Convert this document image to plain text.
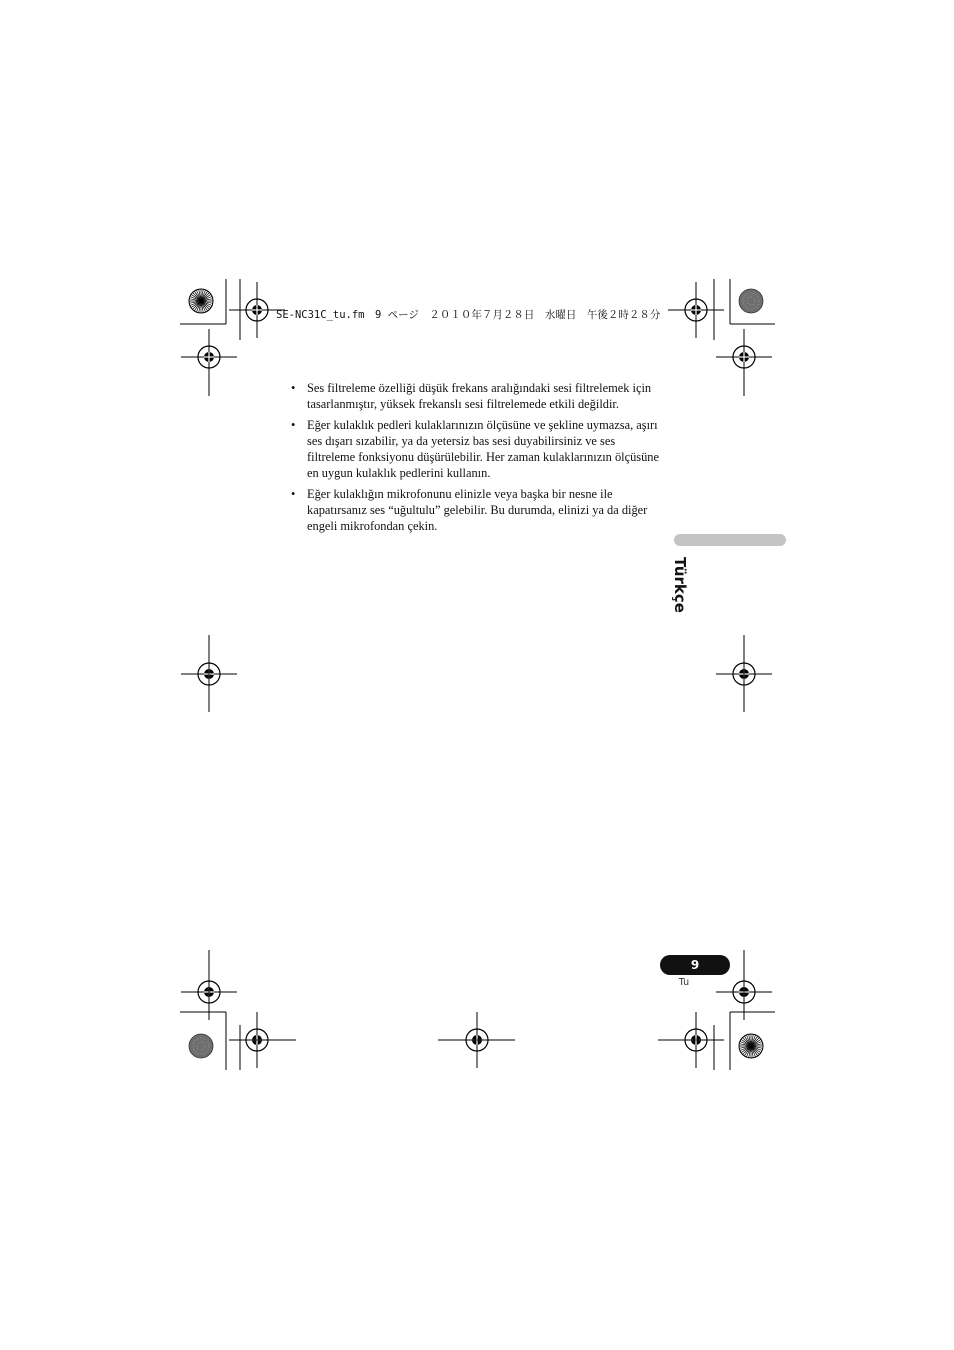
SE-NC31C_tu.fm　9 ページ　２０１０年７月２８日　水曜日　午後２時２８分
• Ses filtreleme özelliği düşük frekans aralığındaki sesi filtrelemek için tasarlanmıştır, yüksek frekanslı sesi filtrelemede etkili değildir.
• Eğer kulaklık pedleri kulaklarınızın ölçüsüne ve şekline uymazsa, aşırı ses dışarı sızabilir, ya da yetersiz bas sesi duyabilirsiniz ve ses filtreleme fonksiyonu düşürülebilir. Her zaman kulaklarınızın ölçüsüne en uygun kulaklık pedlerini kullanın.
• Eğer kulaklığın mikrofonunu elinizle veya başka bir nesne ile kapatırsanız ses “uğultulu” gelebilir. Bu durumda, elinizi ya da diğer engeli mikrofondan çekin.
Türkçe
9
Tu
